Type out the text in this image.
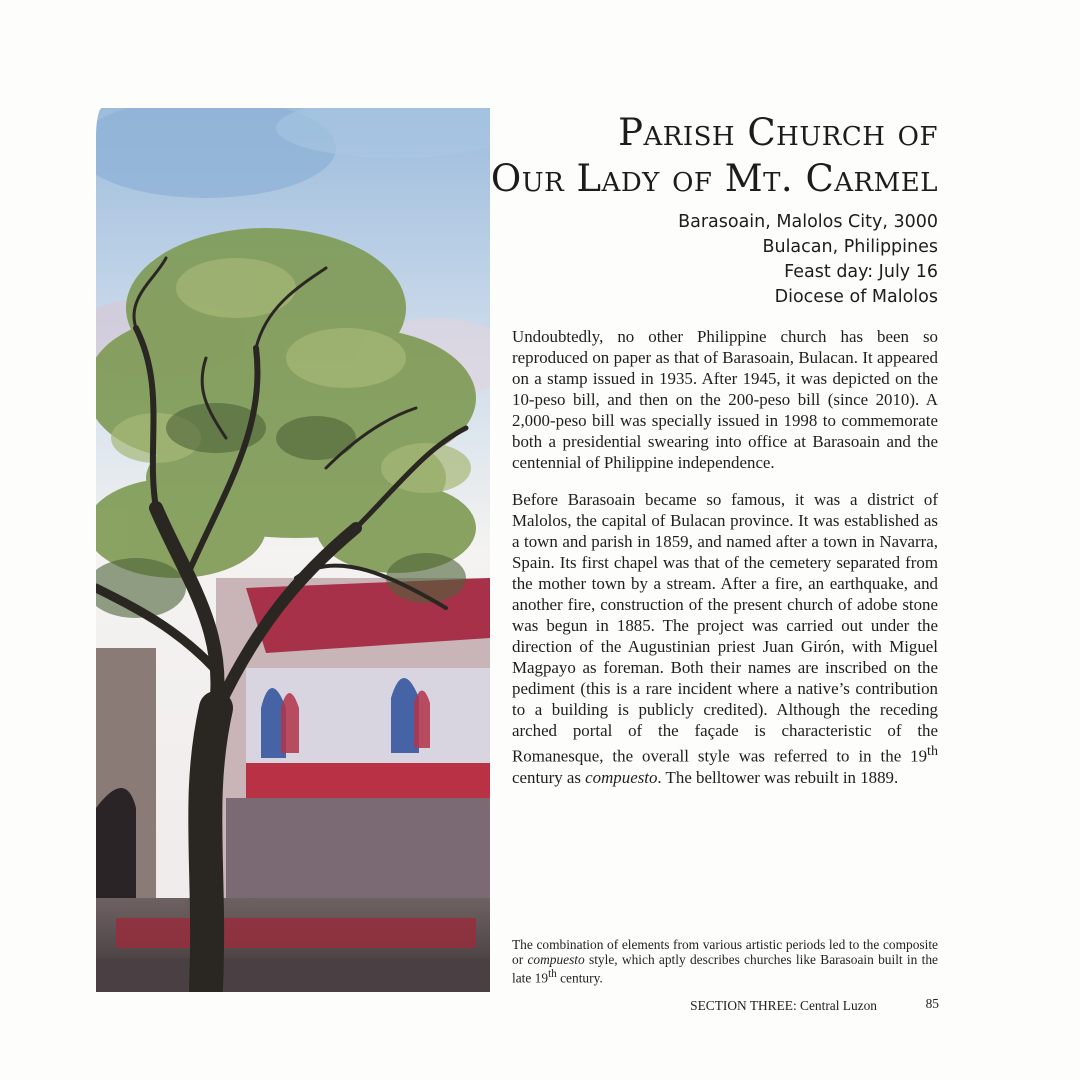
Parish Church of
Our Lady of Mt. Carmel
Barasoain, Malolos City, 3000
Bulacan, Philippines
Feast day: July 16
Diocese of Malolos

Undoubtedly, no other Philippine church has been so reproduced on paper as that of Barasoain, Bulacan. It appeared on a stamp issued in 1935. After 1945, it was depicted on the 10-peso bill, and then on the 200-peso bill (since 2010). A 2,000-peso bill was specially issued in 1998 to commemorate both a presidential swearing into office at Barasoain and the centennial of Philippine independence.

Before Barasoain became so famous, it was a district of Malolos, the capital of Bulacan province. It was established as a town and parish in 1859, and named after a town in Navarra, Spain. Its first chapel was that of the cemetery separated from the mother town by a stream. After a fire, an earthquake, and another fire, construction of the present church of adobe stone was begun in 1885. The project was carried out under the direction of the Augustinian priest Juan Girón, with Miguel Magpayo as foreman. Both their names are inscribed on the pediment (this is a rare incident where a native’s contribution to a building is publicly credited). Although the receding arched portal of the façade is characteristic of the Romanesque, the overall style was referred to in the 19th century as compuesto. The belltower was rebuilt in 1889.

The combination of elements from various artistic periods led to the composite or compuesto style, which aptly describes churches like Barasoain built in the late 19th century.
SECTION THREE: Central Luzon	85
